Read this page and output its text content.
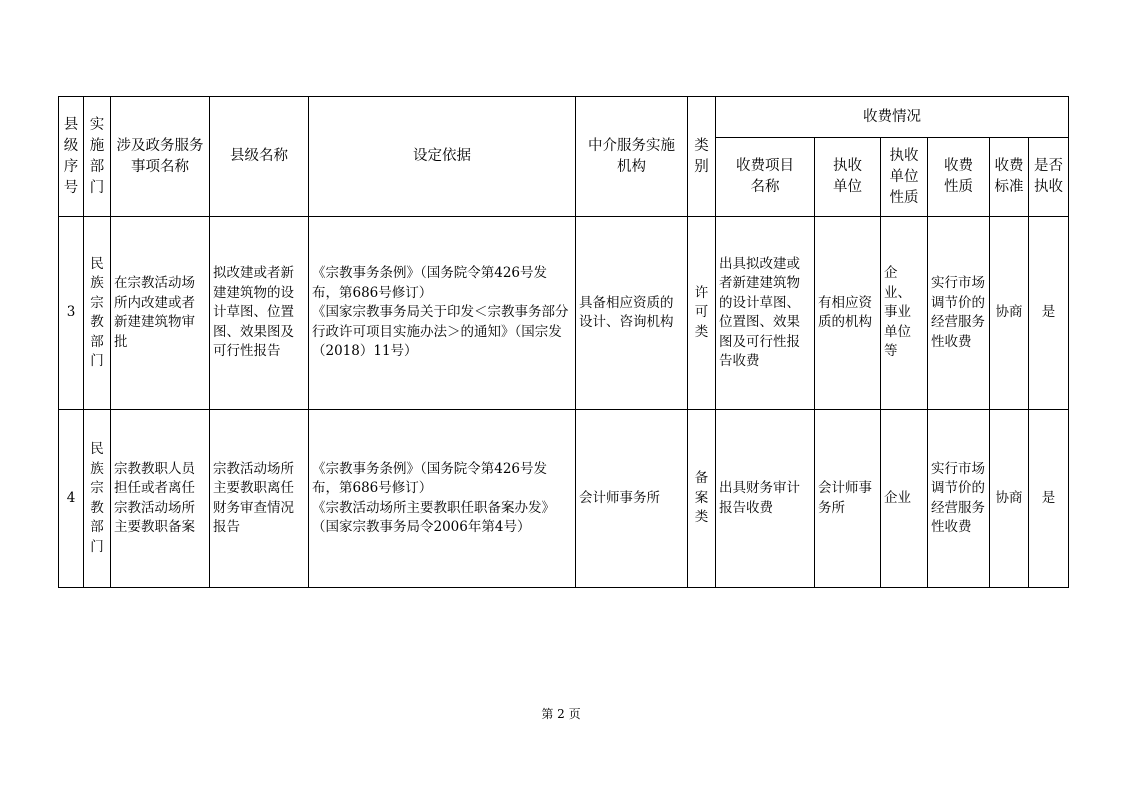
县级序号	实施部门	涉及政务服务事项名称	县级名称	设定依据	中介服务实施机构	类别	收费情况					

							收费项目名称	执收单位	执收单位性质	收费性质	收费标准	是否执收

3	民族宗教部门	在宗教活动场所内改建或者新建建筑物审批	拟改建或者新建建筑物的设计草图、位置图、效果图及可行性报告	《宗教事务条例》（国务院令第426号发布，第686号修订）
《国家宗教事务局关于印发＜宗教事务部分行政许可项目实施办法＞的通知》（国宗发（2018）11号）	具备相应资质的设计、咨询机构	许可类	出具拟改建或者新建建筑物的设计草图、位置图、效果图及可行性报告收费	有相应资质的机构	企业、事业单位等	实行市场调节价的经营服务性收费	协商	是
4	民族宗教部门	宗教教职人员担任或者离任宗教活动场所主要教职备案	宗教活动场所主要教职离任财务审查情况报告	《宗教事务条例》（国务院令第426号发布，第686号修订）
《宗教活动场所主要教职任职备案办发》（国家宗教事务局令2006年第4号）	会计师事务所	备案类	出具财务审计报告收费	会计师事务所	企业	实行市场调节价的经营服务性收费	协商	是
第 2 页
